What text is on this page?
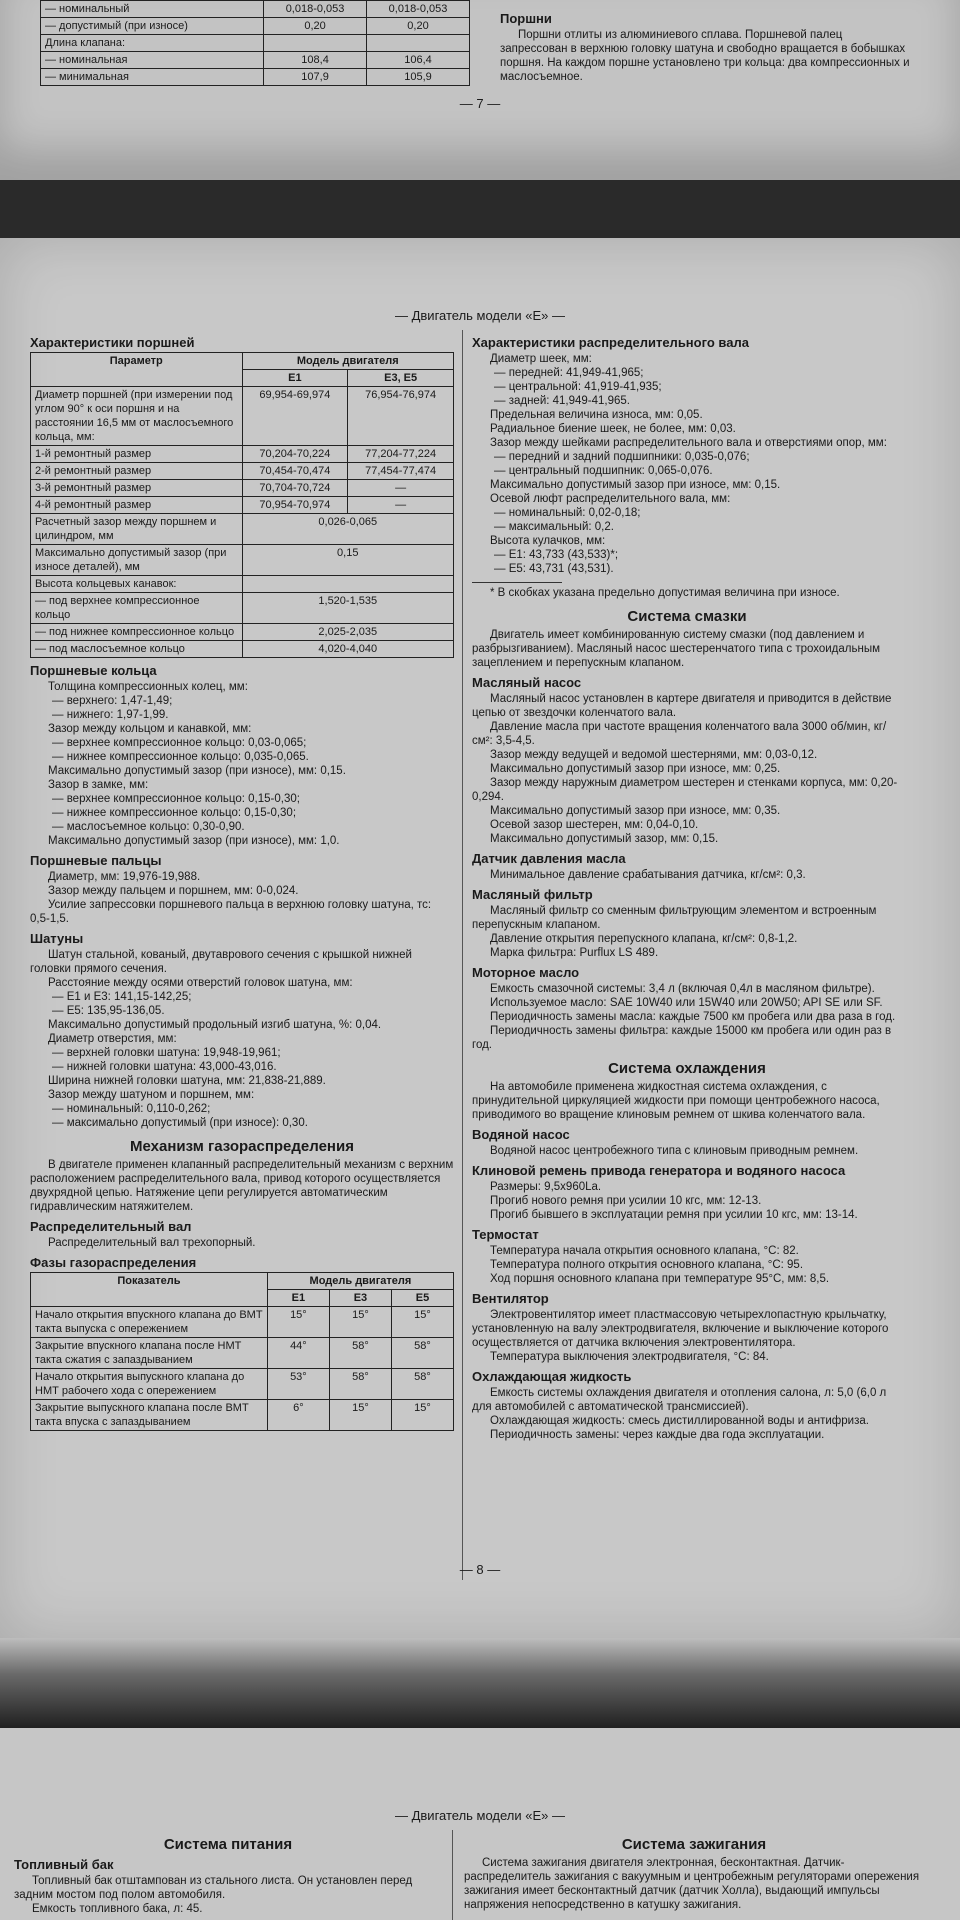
— номинальный	0,018-0,053	0,018-0,053
— допустимый (при износе)	0,20	0,20
Длина клапана:		
— номинальная	108,4	106,4
— минимальная	107,9	105,9
Поршни

Поршни отлиты из алюминиевого сплава. Поршневой палец запрессован в верхнюю головку шатуна и свободно вращается в бобышках поршня. На каждом поршне установлено три кольца: два компрессионных и маслосъемное.

— 7 —
— Двигатель модели «Е» —
Характеристики поршней
Параметр	Модель двигателя	
	E1	E3, E5
Диаметр поршней (при измерении под углом 90° к оси поршня и на расстоянии 16,5 мм от маслосъемного кольца, мм:	69,954-69,974	76,954-76,974
1-й ремонтный размер	70,204-70,224	77,204-77,224
2-й ремонтный размер	70,454-70,474	77,454-77,474
3-й ремонтный размер	70,704-70,724	—
4-й ремонтный размер	70,954-70,974	—
Расчетный зазор между поршнем и цилиндром, мм	0,026-0,065	
Максимально допустимый зазор (при износе деталей), мм	0,15	
Высота кольцевых канавок:		
— под верхнее компрессионное кольцо	1,520-1,535	
— под нижнее компрессионное кольцо	2,025-2,035	
— под маслосъемное кольцо	4,020-4,040	
Поршневые кольца
Толщина компрессионных колец, мм:
— верхнего: 1,47-1,49;
— нижнего: 1,97-1,99.
Зазор между кольцом и канавкой, мм:
— верхнее компрессионное кольцо: 0,03-0,065;
— нижнее компрессионное кольцо: 0,035-0,065.
Максимально допустимый зазор (при износе), мм: 0,15.
Зазор в замке, мм:
— верхнее компрессионное кольцо: 0,15-0,30;
— нижнее компрессионное кольцо: 0,15-0,30;
— маслосъемное кольцо: 0,30-0,90.
Максимально допустимый зазор (при износе), мм: 1,0.
Поршневые пальцы
Диаметр, мм: 19,976-19,988.
Зазор между пальцем и поршнем, мм: 0-0,024.
Усилие запрессовки поршневого пальца в верхнюю головку шатуна, тс: 0,5-1,5.
Шатуны
Шатун стальной, кованый, двутаврового сечения с крышкой нижней головки прямого сечения.
Расстояние между осями отверстий головок шатуна, мм:
— E1 и E3: 141,15-142,25;
— E5: 135,95-136,05.
Максимально допустимый продольный изгиб шатуна, %: 0,04.
Диаметр отверстия, мм:
— верхней головки шатуна: 19,948-19,961;
— нижней головки шатуна: 43,000-43,016.
Ширина нижней головки шатуна, мм: 21,838-21,889.
Зазор между шатуном и поршнем, мм:
— номинальный: 0,110-0,262;
— максимально допустимый (при износе): 0,30.
Механизм газораспределения

В двигателе применен клапанный распределительный механизм с верхним расположением распределительного вала, привод которого осуществляется двухрядной цепью. Натяжение цепи регулируется автоматическим гидравлическим натяжителем.

Распределительный вал

Распределительный вал трехопорный.

Фазы газораспределения
Показатель	Модель двигателя		
	E1	E3	E5
Начало открытия впускного клапана до ВМТ такта выпуска с опережением	15°	15°	15°
Закрытие впускного клапана после НМТ такта сжатия с запаздыванием	44°	58°	58°
Начало открытия выпускного клапана до НМТ рабочего хода с опережением	53°	58°	58°
Закрытие выпускного клапана после ВМТ такта впуска с запаздыванием	6°	15°	15°
Характеристики распределительного вала
Диаметр шеек, мм:
— передней: 41,949-41,965;
— центральной: 41,919-41,935;
— задней: 41,949-41,965.
Предельная величина износа, мм: 0,05.
Радиальное биение шеек, не более, мм: 0,03.
Зазор между шейками распределительного вала и отверстиями опор, мм:
— передний и задний подшипники: 0,035-0,076;
— центральный подшипник: 0,065-0,076.
Максимально допустимый зазор при износе, мм: 0,15.
Осевой люфт распределительного вала, мм:
— номинальный: 0,02-0,18;
— максимальный: 0,2.
Высота кулачков, мм:
— E1: 43,733 (43,533)*;
— E5: 43,731 (43,531).

* В скобках указана предельно допустимая величина при износе.

Система смазки

Двигатель имеет комбинированную систему смазки (под давлением и разбрызгиванием). Масляный насос шестеренчатого типа с трохоидальным зацеплением и перепускным клапаном.

Масляный насос
Масляный насос установлен в картере двигателя и приводится в действие цепью от звездочки коленчатого вала.
Давление масла при частоте вращения коленчатого вала 3000 об/мин, кг/см²: 3,5-4,5.
Зазор между ведущей и ведомой шестернями, мм: 0,03-0,12.
Максимально допустимый зазор при износе, мм: 0,25.
Зазор между наружным диаметром шестерен и стенками корпуса, мм: 0,20-0,294.
Максимально допустимый зазор при износе, мм: 0,35.
Осевой зазор шестерен, мм: 0,04-0,10.
Максимально допустимый зазор, мм: 0,15.
Датчик давления масла

Минимальное давление срабатывания датчика, кг/см²: 0,3.

Масляный фильтр
Масляный фильтр со сменным фильтрующим элементом и встроенным перепускным клапаном.
Давление открытия перепускного клапана, кг/см²: 0,8-1,2.
Марка фильтра: Purflux LS 489.
Моторное масло
Емкость смазочной системы: 3,4 л (включая 0,4л в масляном фильтре).
Используемое масло: SAE 10W40 или 15W40 или 20W50; API SE или SF.
Периодичность замены масла: каждые 7500 км пробега или два раза в год.
Периодичность замены фильтра: каждые 15000 км пробега или один раз в год.
Система охлаждения

На автомобиле применена жидкостная система охлаждения, с принудительной циркуляцией жидкости при помощи центробежного насоса, приводимого во вращение клиновым ремнем от шкива коленчатого вала.

Водяной насос

Водяной насос центробежного типа с клиновым приводным ремнем.

Клиновой ремень привода генератора и водяного насоса
Размеры: 9,5x960La.
Прогиб нового ремня при усилии 10 кгс, мм: 12-13.
Прогиб бывшего в эксплуатации ремня при усилии 10 кгс, мм: 13-14.
Термостат
Температура начала открытия основного клапана, °C: 82.
Температура полного открытия основного клапана, °C: 95.
Ход поршня основного клапана при температуре 95°C, мм: 8,5.
Вентилятор
Электровентилятор имеет пластмассовую четырехлопастную крыльчатку, установленную на валу электродвигателя, включение и выключение которого осуществляется от датчика включения электровентилятора.
Температура выключения электродвигателя, °C: 84.
Охлаждающая жидкость
Емкость системы охлаждения двигателя и отопления салона, л: 5,0 (6,0 л для автомобилей с автоматической трансмиссией).
Охлаждающая жидкость: смесь дистиллированной воды и антифриза.
Периодичность замены: через каждые два года эксплуатации.
— 8 —
— Двигатель модели «Е» —
Система питания
Топливный бак
Топливный бак отштампован из стального листа. Он установлен перед задним мостом под полом автомобиля.
Емкость топливного бака, л: 45.
Система зажигания

Система зажигания двигателя электронная, бесконтактная. Датчик-распределитель зажигания с вакуумным и центробежным регуляторами опережения зажигания имеет бесконтактный датчик (датчик Холла), выдающий импульсы напряжения непосредственно в катушку зажигания.
